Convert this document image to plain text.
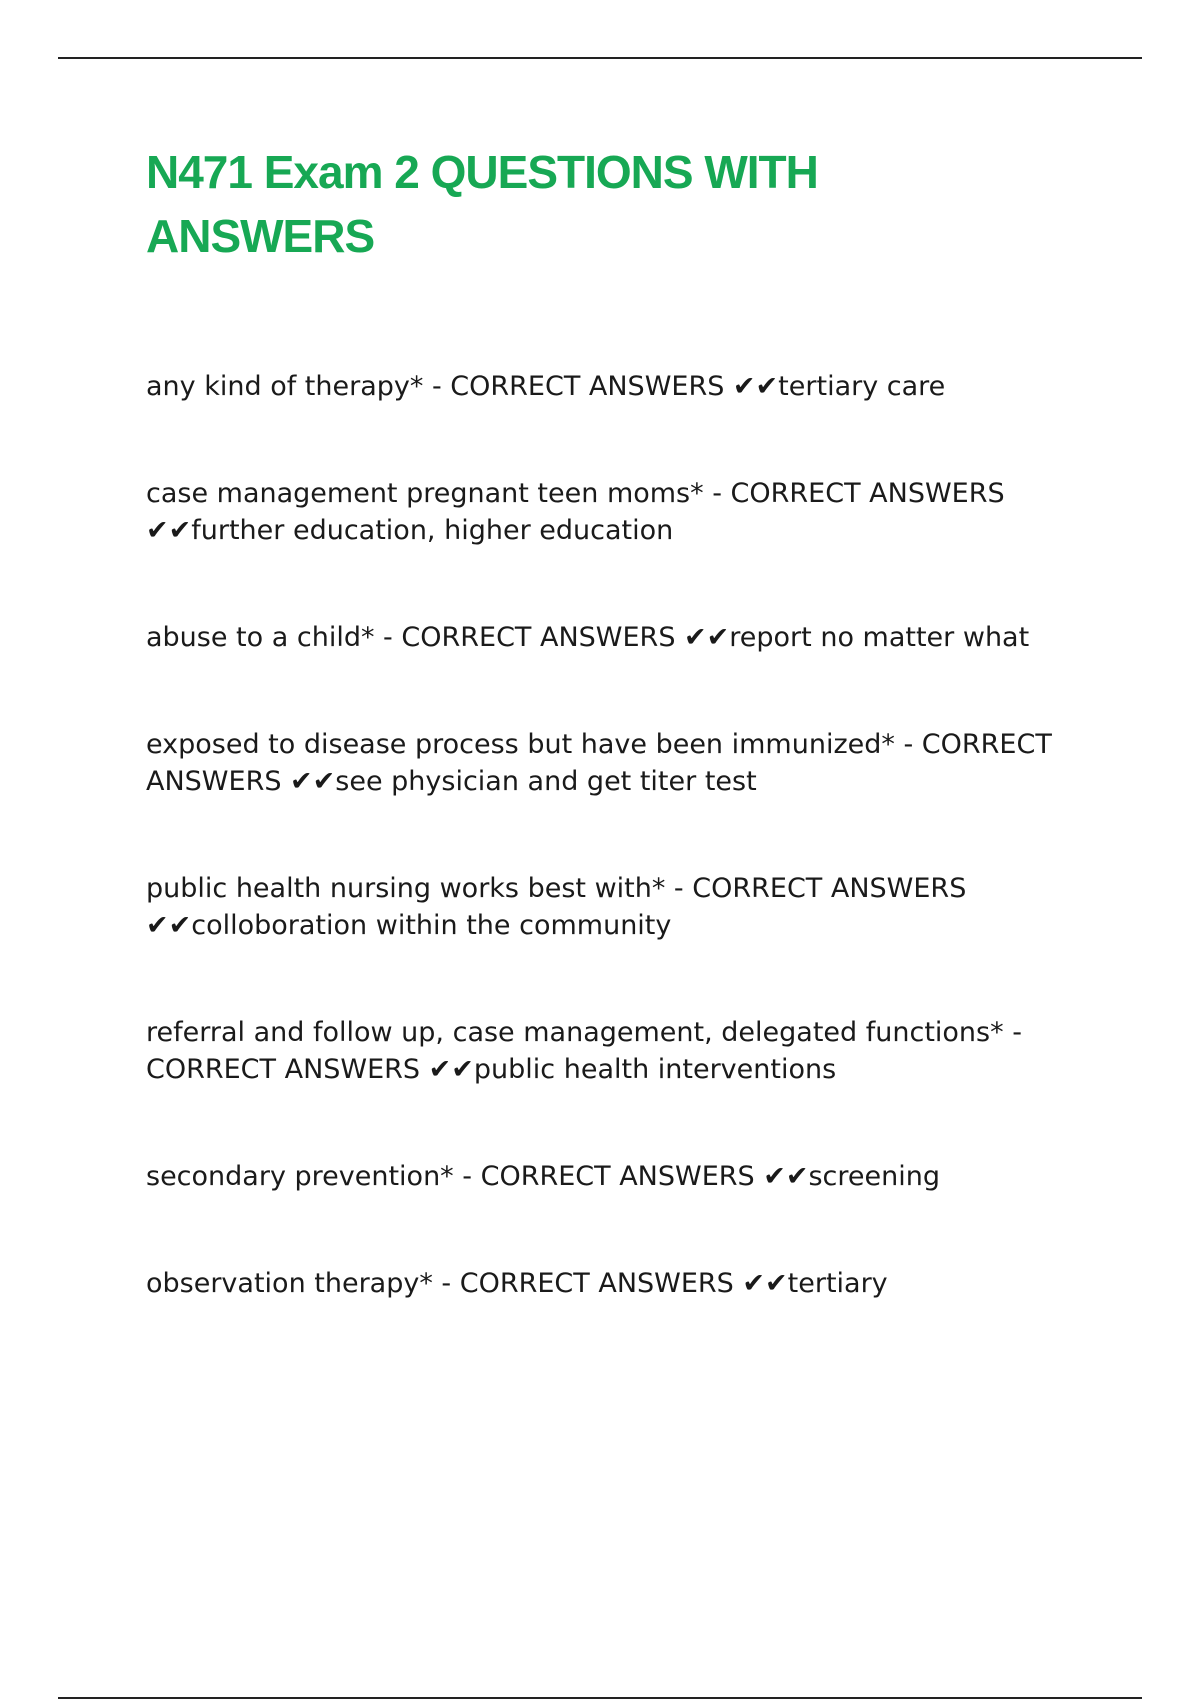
N471 Exam 2 QUESTIONS WITH ANSWERS
any kind of therapy* - CORRECT ANSWERS ✔✔tertiary care
case management pregnant teen moms* - CORRECT ANSWERS ✔✔further education, higher education
abuse to a child* - CORRECT ANSWERS ✔✔report no matter what
exposed to disease process but have been immunized* - CORRECT ANSWERS ✔✔see physician and get titer test
public health nursing works best with* - CORRECT ANSWERS ✔✔colloboration within the community
referral and follow up, case management, delegated functions* - CORRECT ANSWERS ✔✔public health interventions
secondary prevention* - CORRECT ANSWERS ✔✔screening
observation therapy* - CORRECT ANSWERS ✔✔tertiary
